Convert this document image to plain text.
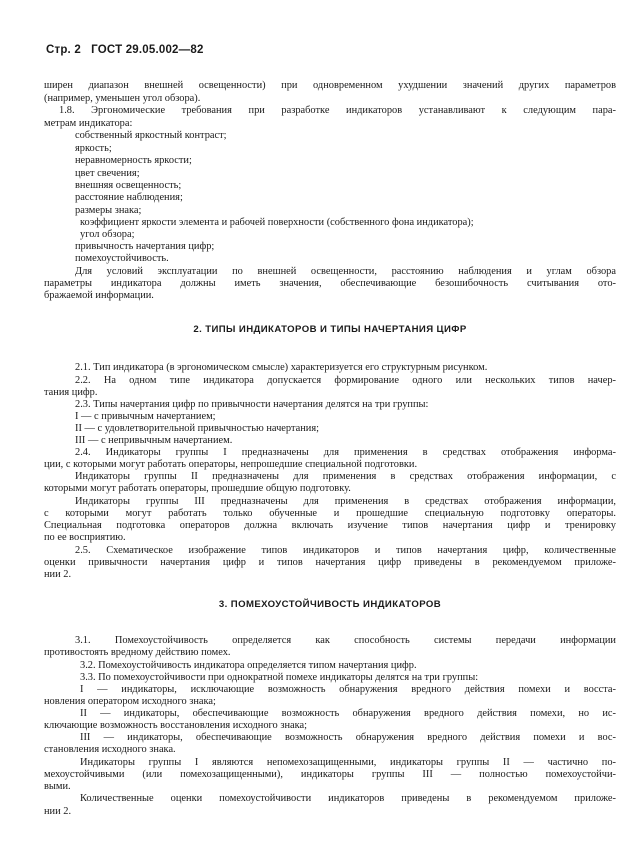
Стр. 2 ГОСТ 29.05.002—82
ширен диапазон внешней освещенности) при одновременном ухудшении значений других параметров
(например, уменьшен угол обзора).
1.8. Эргономические требования при разработке индикаторов устанавливают к следующим пара-
метрам индикатора:
собственный яркостный контраст;
яркость;
неравномерность яркости;
цвет свечения;
внешняя освещенность;
расстояние наблюдения;
размеры знака;
коэффициент яркости элемента и рабочей поверхности (собственного фона индикатора);
угол обзора;
привычность начертания цифр;
помехоустойчивость.
Для условий эксплуатации по внешней освещенности, расстоянию наблюдения и углам обзора
параметры индикатора должны иметь значения, обеспечивающие безошибочность считывания ото-
бражаемой информации.
2. ТИПЫ ИНДИКАТОРОВ И ТИПЫ НАЧЕРТАНИЯ ЦИФР
2.1. Тип индикатора (в эргономическом смысле) характеризуется его структурным рисунком.
2.2. На одном типе индикатора допускается формирование одного или нескольких типов начер-
тания цифр.
2.3. Типы начертания цифр по привычности начертания делятся на три группы:
I — с привычным начертанием;
II — с удовлетворительной привычностью начертания;
III — с непривычным начертанием.
2.4. Индикаторы группы I предназначены для применения в средствах отображения информа-
ции, с которыми могут работать операторы, непрошедшие специальной подготовки.
Индикаторы группы II предназначены для применения в средствах отображения информации, с
которыми могут работать операторы, прошедшие общую подготовку.
Индикаторы группы III предназначены для применения в средствах отображения информации,
с которыми могут работать только обученные и прошедшие специальную подготовку операторы.
Специальная подготовка операторов должна включать изучение типов начертания цифр и тренировку
по ее восприятию.
2.5. Схематическое изображение типов индикаторов и типов начертания цифр, количественные
оценки привычности начертания цифр и типов начертания цифр приведены в рекомендуемом приложе-
нии 2.
3. ПОМЕХОУСТОЙЧИВОСТЬ ИНДИКАТОРОВ
3.1. Помехоустойчивость определяется как способность системы передачи информации
противостоять вредному действию помех.
3.2. Помехоустойчивость индикатора определяется типом начертания цифр.
3.3. По помехоустойчивости при однократной помехе индикаторы делятся на три группы:
I — индикаторы, исключающие возможность обнаружения вредного действия помехи и восста-
новления оператором исходного знака;
II — индикаторы, обеспечивающие возможность обнаружения вредного действия помехи, но ис-
ключающие возможность восстановления исходного знака;
III — индикаторы, обеспечивающие возможность обнаружения вредного действия помехи и вос-
становления исходного знака.
Индикаторы группы I являются непомехозащищенными, индикаторы группы II — частично по-
мехоустойчивыми (или помехозащищенными), индикаторы группы III — полностью помехоустойчи-
выми.
Количественные оценки помехоустойчивости индикаторов приведены в рекомендуемом приложе-
нии 2.
